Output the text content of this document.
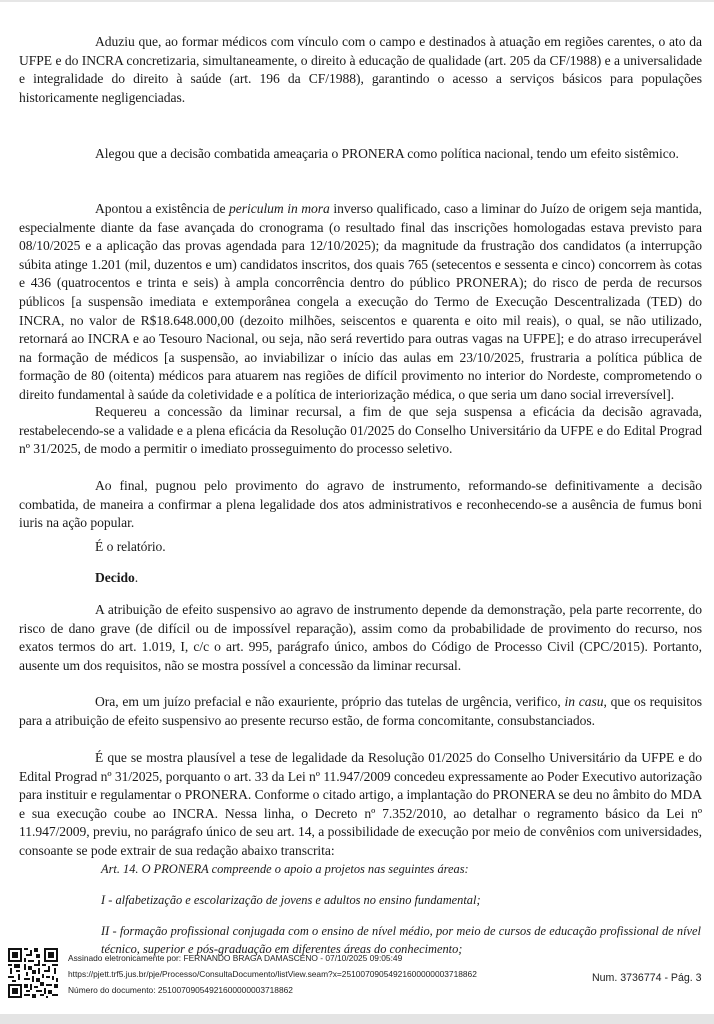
Aduziu que, ao formar médicos com vínculo com o campo e destinados à atuação em regiões carentes, o ato da UFPE e do INCRA concretizaria, simultaneamente, o direito à educação de qualidade (art. 205 da CF/1988) e a universalidade e integralidade do direito à saúde (art. 196 da CF/1988), garantindo o acesso a serviços básicos para populações historicamente negligenciadas.
Alegou que a decisão combatida ameaçaria o PRONERA como política nacional, tendo um efeito sistêmico.
Apontou a existência de periculum in mora inverso qualificado, caso a liminar do Juízo de origem seja mantida, especialmente diante da fase avançada do cronograma (o resultado final das inscrições homologadas estava previsto para 08/10/2025 e a aplicação das provas agendada para 12/10/2025); da magnitude da frustração dos candidatos (a interrupção súbita atinge 1.201 (mil, duzentos e um) candidatos inscritos, dos quais 765 (setecentos e sessenta e cinco) concorrem às cotas e 436 (quatrocentos e trinta e seis) à ampla concorrência dentro do público PRONERA); do risco de perda de recursos públicos [a suspensão imediata e extemporânea congela a execução do Termo de Execução Descentralizada (TED) do INCRA, no valor de R$18.648.000,00 (dezoito milhões, seiscentos e quarenta e oito mil reais), o qual, se não utilizado, retornará ao INCRA e ao Tesouro Nacional, ou seja, não será revertido para outras vagas na UFPE]; e do atraso irrecuperável na formação de médicos [a suspensão, ao inviabilizar o início das aulas em 23/10/2025, frustraria a política pública de formação de 80 (oitenta) médicos para atuarem nas regiões de difícil provimento no interior do Nordeste, comprometendo o direito fundamental à saúde da coletividade e a política de interiorização médica, o que seria um dano social irreversível].
Requereu a concessão da liminar recursal, a fim de que seja suspensa a eficácia da decisão agravada, restabelecendo-se a validade e a plena eficácia da Resolução 01/2025 do Conselho Universitário da UFPE e do Edital Prograd nº 31/2025, de modo a permitir o imediato prosseguimento do processo seletivo.
Ao final, pugnou pelo provimento do agravo de instrumento, reformando-se definitivamente a decisão combatida, de maneira a confirmar a plena legalidade dos atos administrativos e reconhecendo-se a ausência de fumus boni iuris na ação popular.
É o relatório.
Decido.
A atribuição de efeito suspensivo ao agravo de instrumento depende da demonstração, pela parte recorrente, do risco de dano grave (de difícil ou de impossível reparação), assim como da probabilidade de provimento do recurso, nos exatos termos do art. 1.019, I, c/c o art. 995, parágrafo único, ambos do Código de Processo Civil (CPC/2015). Portanto, ausente um dos requisitos, não se mostra possível a concessão da liminar recursal.
Ora, em um juízo prefacial e não exauriente, próprio das tutelas de urgência, verifico, in casu, que os requisitos para a atribuição de efeito suspensivo ao presente recurso estão, de forma concomitante, consubstanciados.
É que se mostra plausível a tese de legalidade da Resolução 01/2025 do Conselho Universitário da UFPE e do Edital Prograd nº 31/2025, porquanto o art. 33 da Lei nº 11.947/2009 concedeu expressamente ao Poder Executivo autorização para instituir e regulamentar o PRONERA. Conforme o citado artigo, a implantação do PRONERA se deu no âmbito do MDA e sua execução coube ao INCRA. Nessa linha, o Decreto nº 7.352/2010, ao detalhar o regramento básico da Lei nº 11.947/2009, previu, no parágrafo único de seu art. 14, a possibilidade de execução por meio de convênios com universidades, consoante se pode extrair de sua redação abaixo transcrita:
Art. 14. O PRONERA compreende o apoio a projetos nas seguintes áreas:
I - alfabetização e escolarização de jovens e adultos no ensino fundamental;
II - formação profissional conjugada com o ensino de nível médio, por meio de cursos de educação profissional de nível técnico, superior e pós-graduação em diferentes áreas do conhecimento;
Assinado eletronicamente por: FERNANDO BRAGA DAMASCENO - 07/10/2025 09:05:49
https://pjett.trf5.jus.br/pje/Processo/ConsultaDocumento/listView.seam?x=25100709054921600000003718862
Número do documento: 25100709054921600000003718862
Num. 3736774 - Pág. 3
